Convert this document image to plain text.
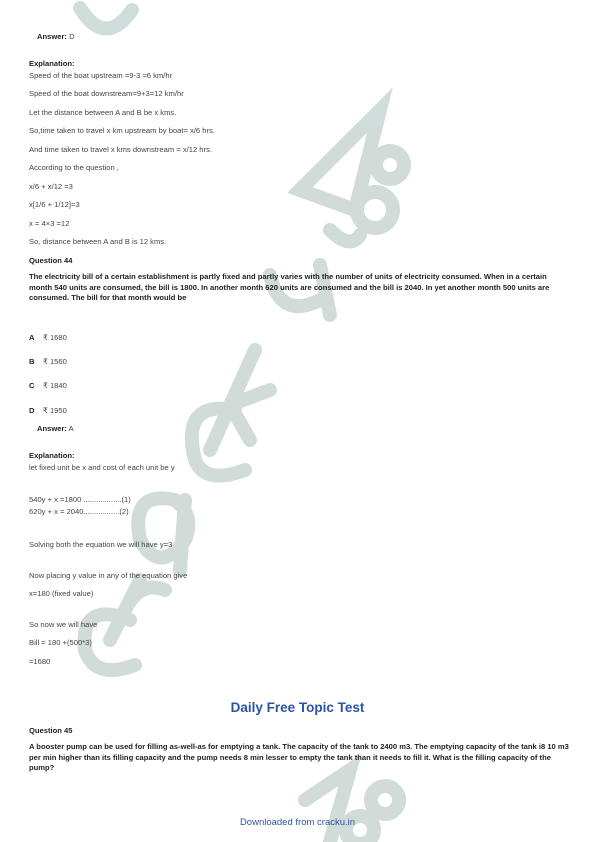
Answer: D
Explanation:
Speed of the boat upstream =9-3 =6 km/hr
Speed of the boat downstream=9+3=12 km/hr
Let the distance between A and B be x kms.
So,time taken to travel x km upstream by boat= x/6 hrs.
And time taken to travel x kms downstream = x/12 hrs.
According to the question ,
x/6 + x/12 =3
x[1/6 + 1/12]=3
x = 4×3 =12
So, distance between A and B is 12 kms.
Question 44
The electricity bill of a certain establishment is partly fixed and partly varies with the number of units of electricity consumed. When in a certain month 540 units are consumed, the bill is 1800. In another month 620 units are consumed and the bill is 2040. In yet another month 500 units are consumed. The bill for that month would be
A ₹ 1680
B ₹ 1560
C ₹ 1840
D ₹ 1950
Answer: A
Explanation:
let fixed unit be x and cost of each unit be y
540y + x =1800 ..................(1)
620y + x = 2040.................(2)
Solving both the equation we will have y=3
Now placing y value in any of the equation give
x=180 (fixed value)
So now we will have
Bill = 180 +(500*3)
=1680
Daily Free Topic Test
Question 45
A booster pump can be used for filling as-well-as for emptying a tank. The capacity of the tank to 2400 m3. The emptying capacity of the tank i8 10 m3 per min higher than its filling capacity and the pump needs 8 min lesser to empty the tank than it needs to fill it. What is the filling capacity of the pump?
Downloaded from cracku.in
